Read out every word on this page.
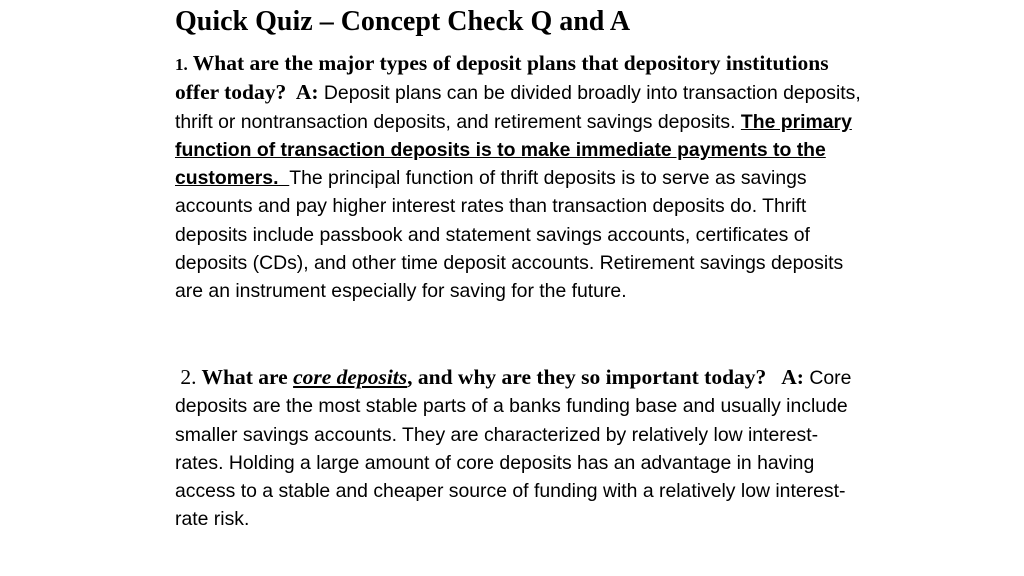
Quick Quiz – Concept Check Q and A

1. What are the major types of deposit plans that depository institutions offer today? A: Deposit plans can be divided broadly into transaction deposits, thrift or nontransaction deposits, and retirement savings deposits. The primary function of transaction deposits is to make immediate payments to the customers. The principal function of thrift deposits is to serve as savings accounts and pay higher interest rates than transaction deposits do. Thrift deposits include passbook and statement savings accounts, certificates of deposits (CDs), and other time deposit accounts. Retirement savings deposits are an instrument especially for saving for the future.

2. What are core deposits, and why are they so important today? A: Core deposits are the most stable parts of a banks funding base and usually include smaller savings accounts. They are characterized by relatively low interest-rates. Holding a large amount of core deposits has an advantage in having access to a stable and cheaper source of funding with a relatively low interest-rate risk.
